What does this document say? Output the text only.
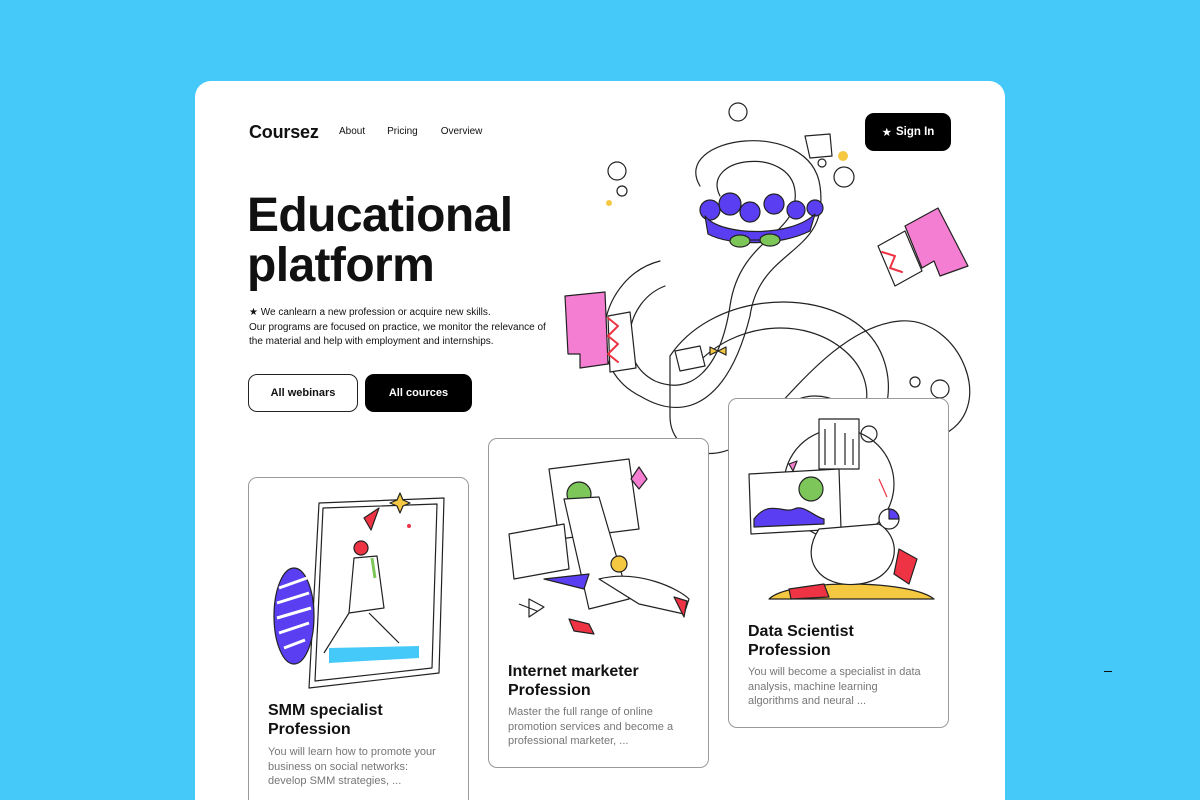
Coursez About Pricing Overview	★ Sign In
Educational
platform
★ We canlearn a new profession or acquire new skills.
Our programs are focused on practice, we monitor the relevance of
the material and help with employment and internships.
All webinars	All cources
SMM specialist
Profession

You will learn how to promote your
business on social networks:
develop SMM strategies, ...

Internet marketer
Profession

Master the full range of online
promotion services and become a
professional marketer, ...

Data Scientist
Profession

You will become a specialist in data
analysis, machine learning
algorithms and neural ...
